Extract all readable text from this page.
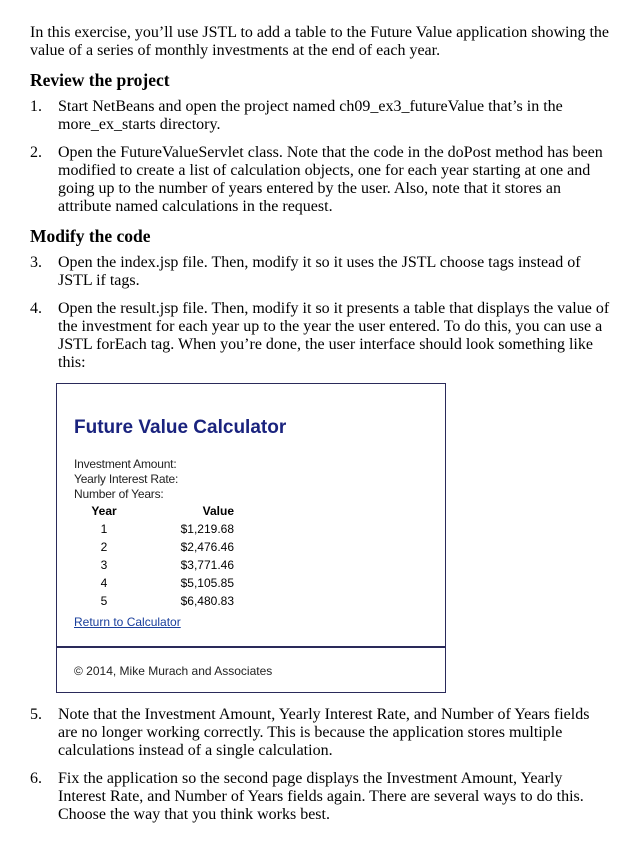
In this exercise, you’ll use JSTL to add a table to the Future Value application showing the value of a series of monthly investments at the end of each year.

Review the project
1. Start NetBeans and open the project named ch09_ex3_futureValue that’s in the more_ex_starts directory.
2. Open the FutureValueServlet class. Note that the code in the doPost method has been modified to create a list of calculation objects, one for each year starting at one and going up to the number of years entered by the user. Also, note that it stores an attribute named calculations in the request.
Modify the code
3. Open the index.jsp file. Then, modify it so it uses the JSTL choose tags instead of JSTL if tags.
4. Open the result.jsp file. Then, modify it so it presents a table that displays the value of the investment for each year up to the year the user entered. To do this, you can use a JSTL forEach tag. When you’re done, the user interface should look something like this:
Future Value Calculator
Investment Amount:
Yearly Interest Rate:
Number of Years:
Year	Value
1	$1,219.68
2	$2,476.46
3	$3,771.46
4	$5,105.85
5	$6,480.83
Return to Calculator
© 2014, Mike Murach and Associates
5. Note that the Investment Amount, Yearly Interest Rate, and Number of Years fields are no longer working correctly. This is because the application stores multiple calculations instead of a single calculation.
6. Fix the application so the second page displays the Investment Amount, Yearly Interest Rate, and Number of Years fields again. There are several ways to do this. Choose the way that you think works best.
